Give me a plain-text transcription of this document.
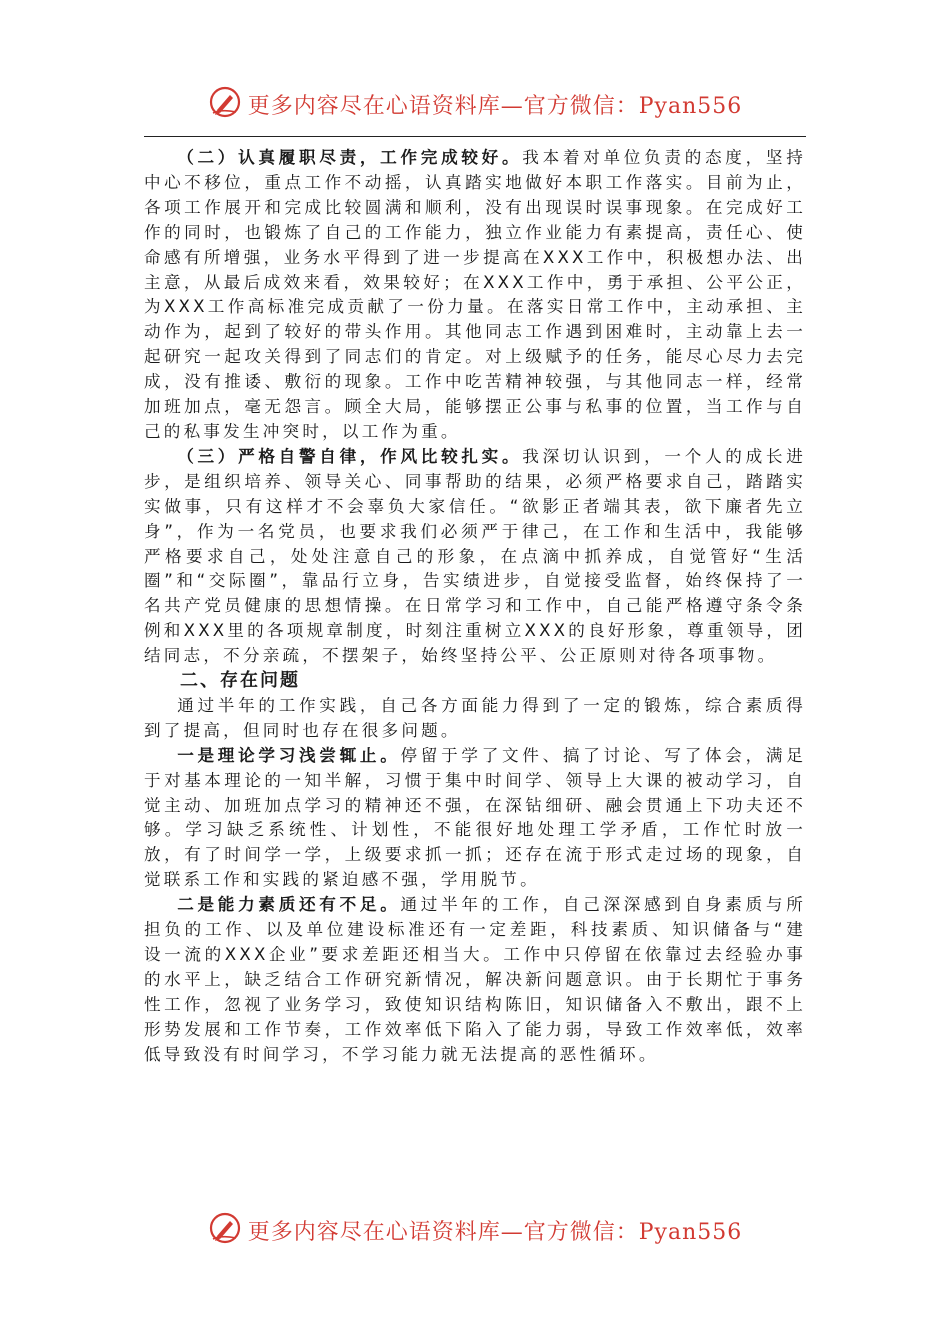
更多内容尽在心语资料库—官方微信：Pyan556

（二）认真履职尽责，工作完成较好。我本着对单位负责的态度，坚持中心不移位，重点工作不动摇，认真踏实地做好本职工作落实。目前为止，各项工作展开和完成比较圆满和顺利，没有出现误时误事现象。在完成好工作的同时，也锻炼了自己的工作能力，独立作业能力有素提高，责任心、使命感有所增强，业务水平得到了进一步提高在XXX工作中，积极想办法、出主意，从最后成效来看，效果较好；在XXX工作中，勇于承担、公平公正，为XXX工作高标准完成贡献了一份力量。在落实日常工作中，主动承担、主动作为，起到了较好的带头作用。其他同志工作遇到困难时，主动靠上去一起研究一起攻关得到了同志们的肯定。对上级赋予的任务，能尽心尽力去完成，没有推诿、敷衍的现象。工作中吃苦精神较强，与其他同志一样，经常加班加点，毫无怨言。顾全大局，能够摆正公事与私事的位置，当工作与自己的私事发生冲突时，以工作为重。

（三）严格自警自律，作风比较扎实。我深切认识到，一个人的成长进步，是组织培养、领导关心、同事帮助的结果，必须严格要求自己，踏踏实实做事，只有这样才不会辜负大家信任。“欲影正者端其表，欲下廉者先立身”，作为一名党员，也要求我们必须严于律己，在工作和生活中，我能够严格要求自己，处处注意自己的形象，在点滴中抓养成，自觉管好“生活圈”和“交际圈”，靠品行立身，告实绩进步，自觉接受监督，始终保持了一名共产党员健康的思想情操。在日常学习和工作中，自己能严格遵守条令条例和XXX里的各项规章制度，时刻注重树立XXX的良好形象，尊重领导，团结同志，不分亲疏，不摆架子，始终坚持公平、公正原则对待各项事物。

二、存在问题

通过半年的工作实践，自己各方面能力得到了一定的锻炼，综合素质得到了提高，但同时也存在很多问题。

一是理论学习浅尝辄止。停留于学了文件、搞了讨论、写了体会，满足于对基本理论的一知半解，习惯于集中时间学、领导上大课的被动学习，自觉主动、加班加点学习的精神还不强，在深钻细研、融会贯通上下功夫还不够。学习缺乏系统性、计划性，不能很好地处理工学矛盾，工作忙时放一放，有了时间学一学，上级要求抓一抓；还存在流于形式走过场的现象，自觉联系工作和实践的紧迫感不强，学用脱节。

二是能力素质还有不足。通过半年的工作，自己深深感到自身素质与所担负的工作、以及单位建设标准还有一定差距，科技素质、知识储备与“建设一流的XXX企业”要求差距还相当大。工作中只停留在依靠过去经验办事的水平上，缺乏结合工作研究新情况，解决新问题意识。由于长期忙于事务性工作，忽视了业务学习，致使知识结构陈旧，知识储备入不敷出，跟不上形势发展和工作节奏，工作效率低下陷入了能力弱，导致工作效率低，效率低导致没有时间学习，不学习能力就无法提高的恶性循环。

更多内容尽在心语资料库—官方微信：Pyan556
